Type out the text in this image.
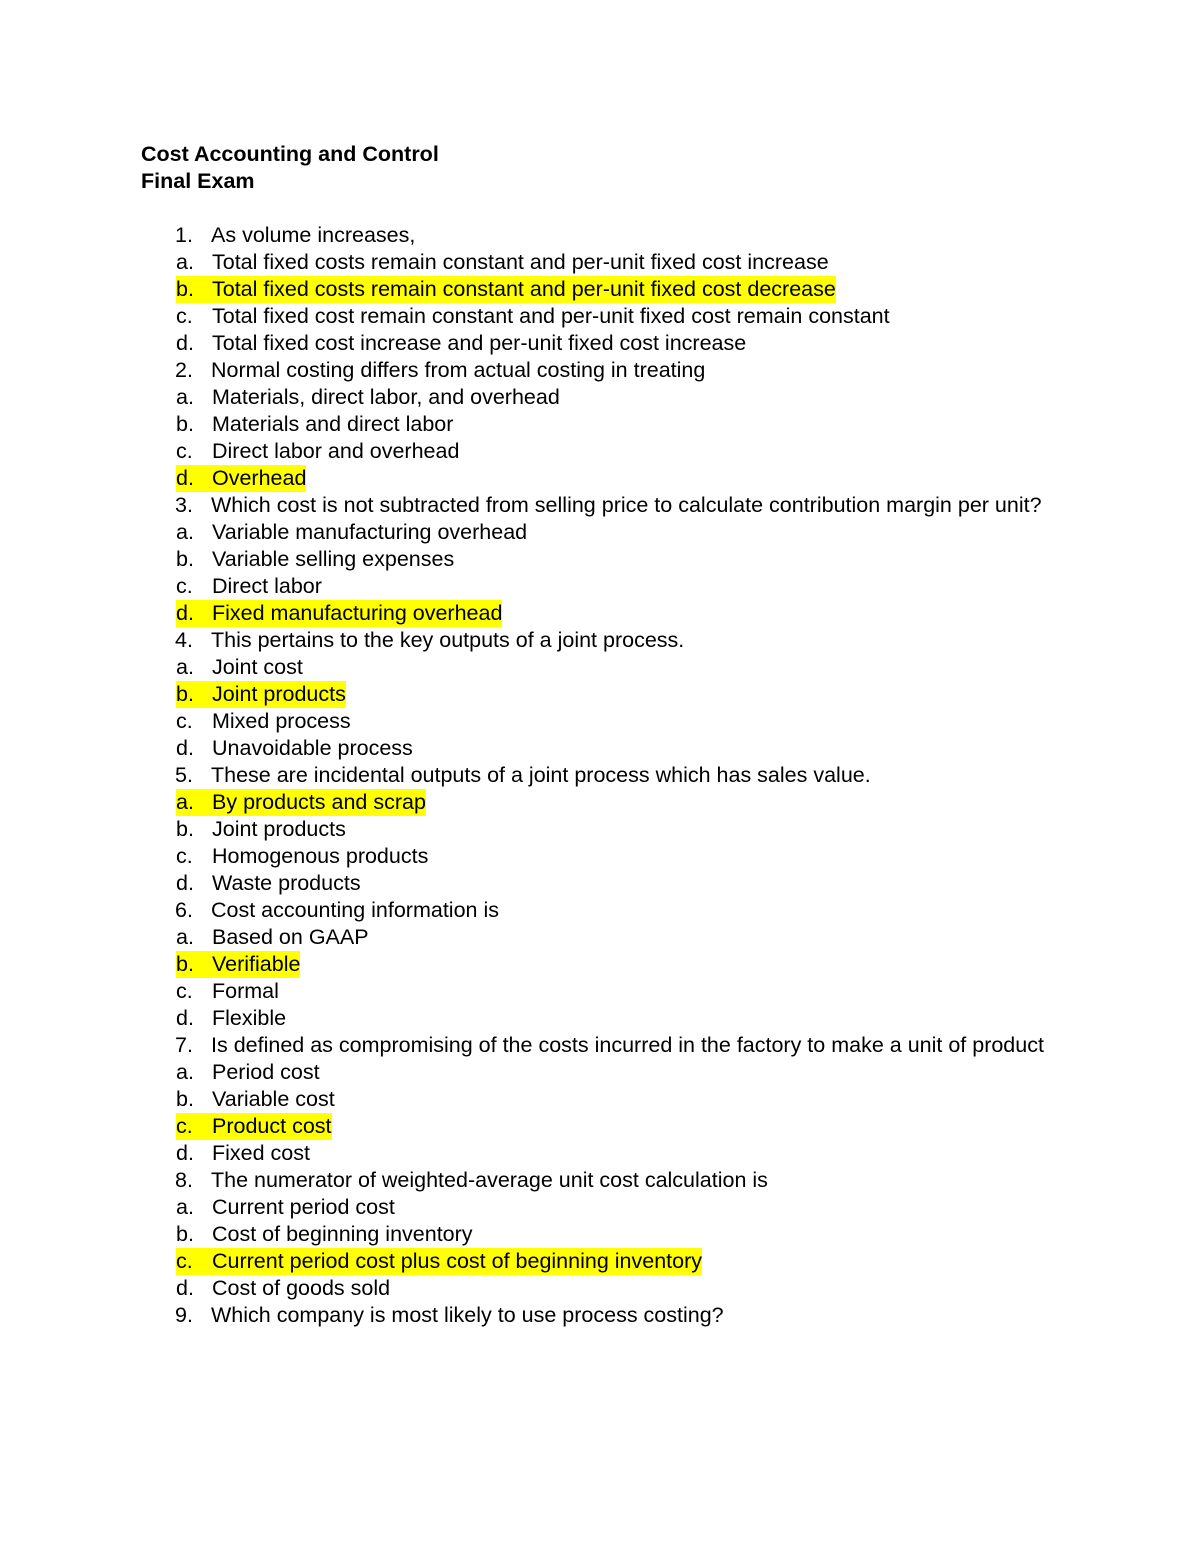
Cost Accounting and Control
Final Exam
1. As volume increases,
a. Total fixed costs remain constant and per-unit fixed cost increase
b. Total fixed costs remain constant and per-unit fixed cost decrease
c. Total fixed cost remain constant and per-unit fixed cost remain constant
d. Total fixed cost increase and per-unit fixed cost increase
2. Normal costing differs from actual costing in treating
a. Materials, direct labor, and overhead
b. Materials and direct labor
c. Direct labor and overhead
d. Overhead
3. Which cost is not subtracted from selling price to calculate contribution margin per unit?
a. Variable manufacturing overhead
b. Variable selling expenses
c. Direct labor
d. Fixed manufacturing overhead
4. This pertains to the key outputs of a joint process.
a. Joint cost
b. Joint products
c. Mixed process
d. Unavoidable process
5. These are incidental outputs of a joint process which has sales value.
a. By products and scrap
b. Joint products
c. Homogenous products
d. Waste products
6. Cost accounting information is
a. Based on GAAP
b. Verifiable
c. Formal
d. Flexible
7. Is defined as compromising of the costs incurred in the factory to make a unit of product
a. Period cost
b. Variable cost
c. Product cost
d. Fixed cost
8. The numerator of weighted-average unit cost calculation is
a. Current period cost
b. Cost of beginning inventory
c. Current period cost plus cost of beginning inventory
d. Cost of goods sold
9. Which company is most likely to use process costing?
